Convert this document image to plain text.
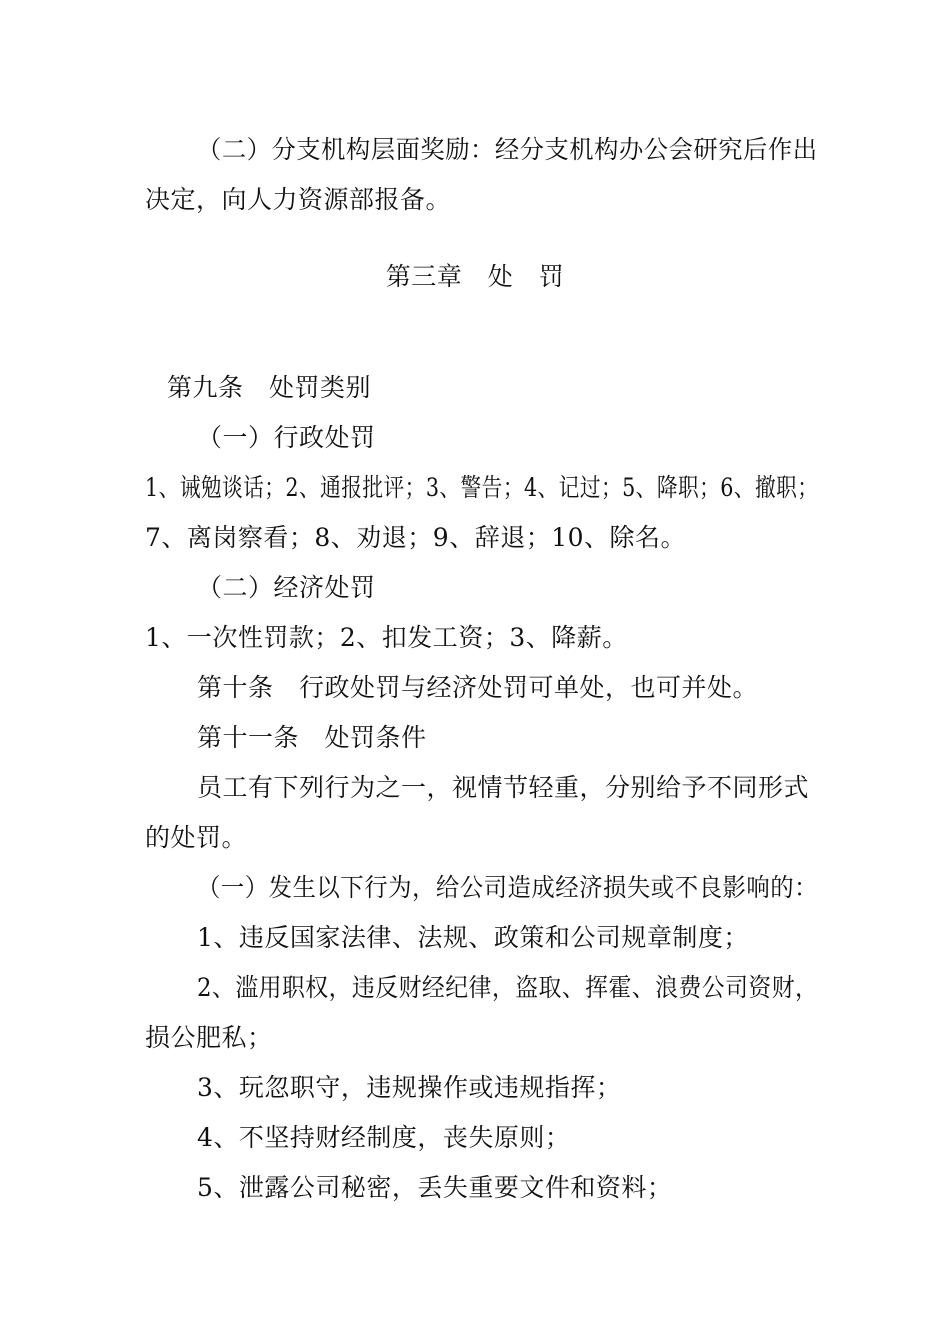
（二）分支机构层面奖励：经分支机构办公会研究后作出
决定，向人力资源部报备。
第三章　处　罚
第九条　处罚类别
（一）行政处罚
1、诫勉谈话；2、通报批评；3、警告；4、记过；5、降职；6、撤职；
7、离岗察看；8、劝退；9、辞退；10、除名。
（二）经济处罚
1、一次性罚款；2、扣发工资；3、降薪。
第十条　行政处罚与经济处罚可单处，也可并处。
第十一条　处罚条件
员工有下列行为之一，视情节轻重，分别给予不同形式
的处罚。
（一）发生以下行为，给公司造成经济损失或不良影响的：
1、违反国家法律、法规、政策和公司规章制度；
2、滥用职权，违反财经纪律，盗取、挥霍、浪费公司资财，
损公肥私；
3、玩忽职守，违规操作或违规指挥；
4、不坚持财经制度，丧失原则；
5、泄露公司秘密，丢失重要文件和资料；
